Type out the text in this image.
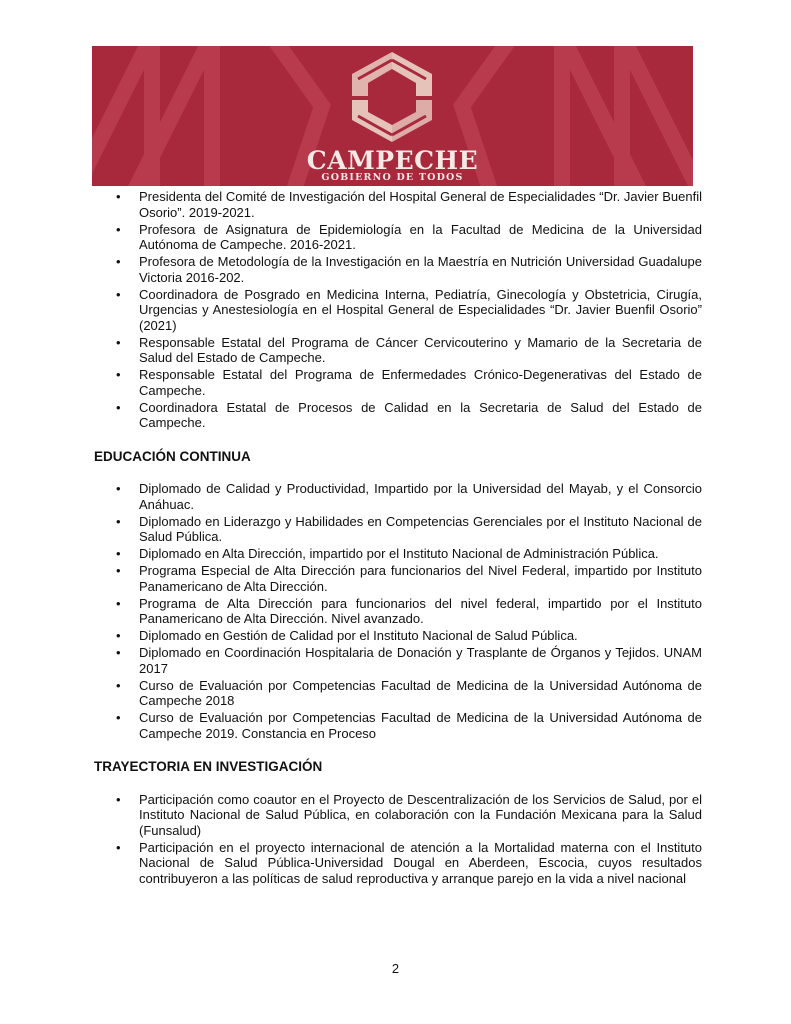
CAMPECHE
GOBIERNO DE TODOS
• Presidenta del Comité de Investigación del Hospital General de Especialidades “Dr. Javier Buenfil Osorio”. 2019-2021.
• Profesora de Asignatura de Epidemiología en la Facultad de Medicina de la Universidad Autónoma de Campeche. 2016-2021.
• Profesora de Metodología de la Investigación en la Maestría en Nutrición Universidad Guadalupe Victoria 2016-202.
• Coordinadora de Posgrado en Medicina Interna, Pediatría, Ginecología y Obstetricia, Cirugía, Urgencias y Anestesiología en el Hospital General de Especialidades “Dr. Javier Buenfil Osorio” (2021)
• Responsable Estatal del Programa de Cáncer Cervicouterino y Mamario de la Secretaria de Salud del Estado de Campeche.
• Responsable Estatal del Programa de Enfermedades Crónico-Degenerativas del Estado de Campeche.
• Coordinadora Estatal de Procesos de Calidad en la Secretaria de Salud del Estado de Campeche.
EDUCACIÓN CONTINUA
• Diplomado de Calidad y Productividad, Impartido por la Universidad del Mayab, y el Consorcio Anáhuac.
• Diplomado en Liderazgo y Habilidades en Competencias Gerenciales por el Instituto Nacional de Salud Pública.
• Diplomado en Alta Dirección, impartido por el Instituto Nacional de Administración Pública.
• Programa Especial de Alta Dirección para funcionarios del Nivel Federal, impartido por Instituto Panamericano de Alta Dirección.
• Programa de Alta Dirección para funcionarios del nivel federal, impartido por el Instituto Panamericano de Alta Dirección. Nivel avanzado.
• Diplomado en Gestión de Calidad por el Instituto Nacional de Salud Pública.
• Diplomado en Coordinación Hospitalaria de Donación y Trasplante de Órganos y Tejidos. UNAM 2017
• Curso de Evaluación por Competencias Facultad de Medicina de la Universidad Autónoma de Campeche 2018
• Curso de Evaluación por Competencias Facultad de Medicina de la Universidad Autónoma de Campeche 2019. Constancia en Proceso
TRAYECTORIA EN INVESTIGACIÓN
• Participación como coautor en el Proyecto de Descentralización de los Servicios de Salud, por el Instituto Nacional de Salud Pública, en colaboración con la Fundación Mexicana para la Salud (Funsalud)
• Participación en el proyecto internacional de atención a la Mortalidad materna con el Instituto Nacional de Salud Pública-Universidad Dougal en Aberdeen, Escocia, cuyos resultados contribuyeron a las políticas de salud reproductiva y arranque parejo en la vida a nivel nacional
2
